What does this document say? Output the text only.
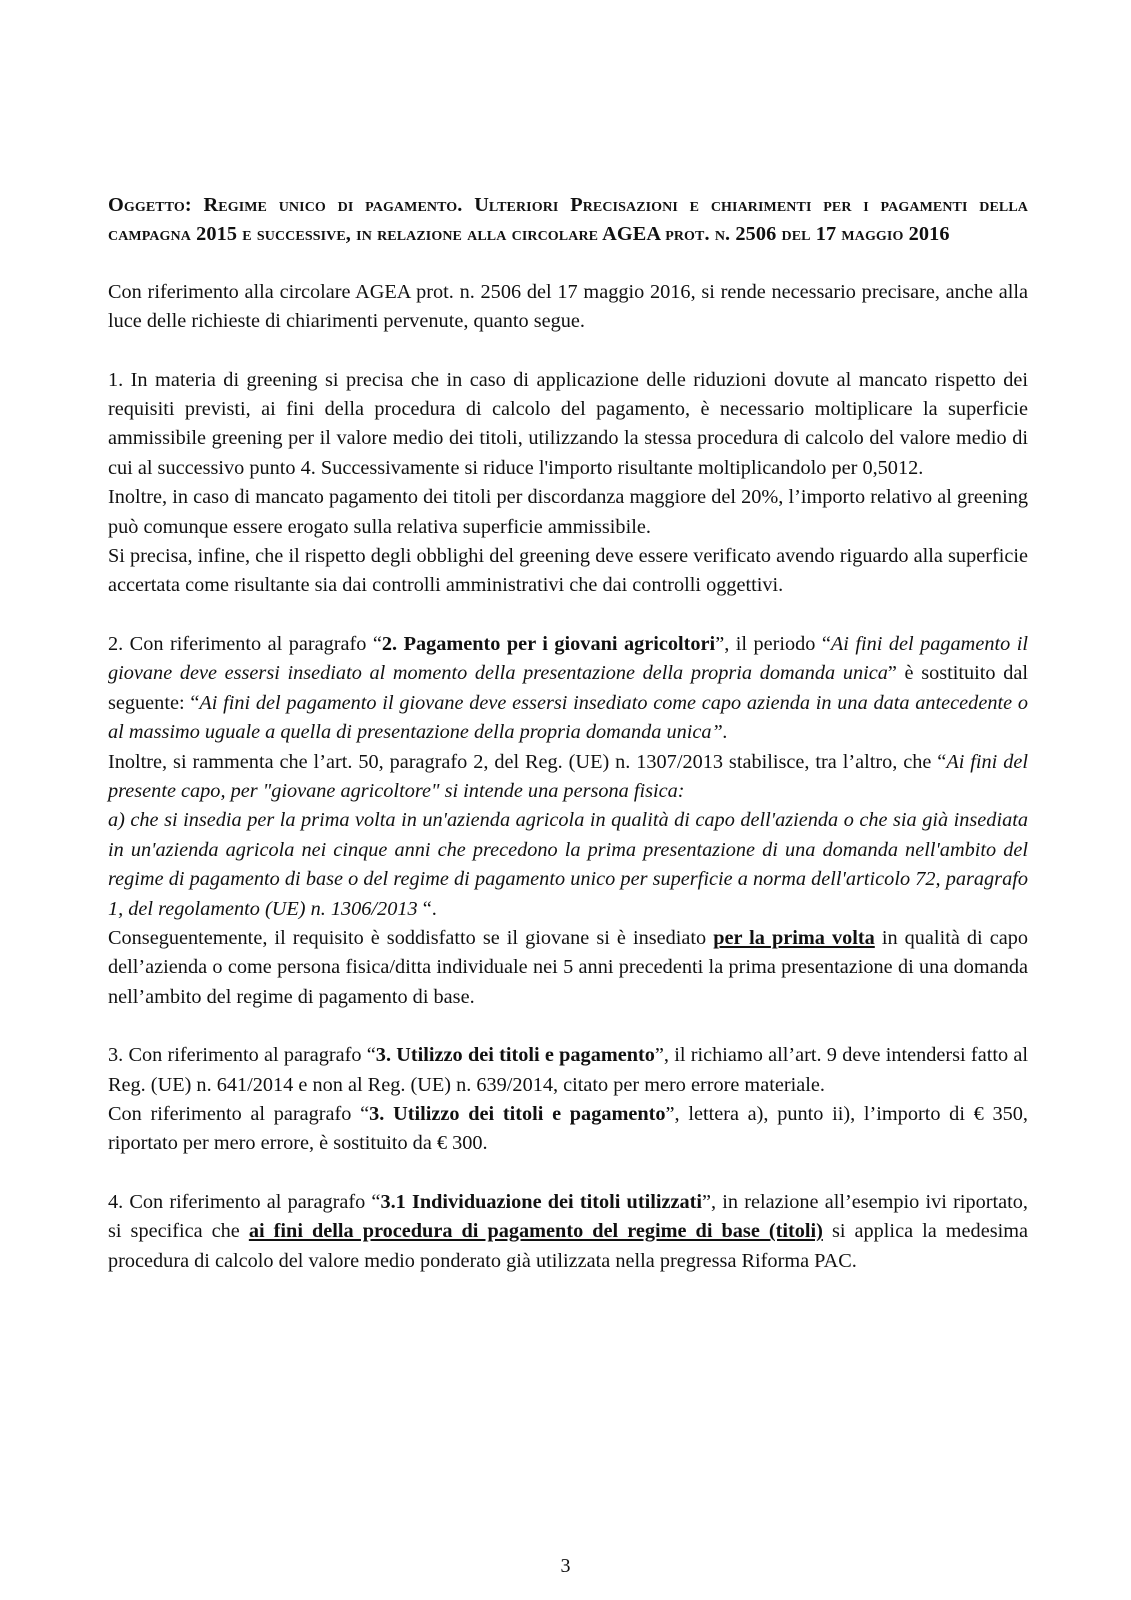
Oggetto: Regime unico di pagamento. Ulteriori Precisazioni e chiarimenti per i pagamenti della campagna 2015 e successive, in relazione alla circolare AGEA prot. n. 2506 del 17 maggio 2016

Con riferimento alla circolare AGEA prot. n. 2506 del 17 maggio 2016, si rende necessario precisare, anche alla luce delle richieste di chiarimenti pervenute, quanto segue.

1. In materia di greening si precisa che in caso di applicazione delle riduzioni dovute al mancato rispetto dei requisiti previsti, ai fini della procedura di calcolo del pagamento, è necessario moltiplicare la superficie ammissibile greening per il valore medio dei titoli, utilizzando la stessa procedura di calcolo del valore medio di cui al successivo punto 4. Successivamente si riduce l'importo risultante moltiplicandolo per 0,5012.

Inoltre, in caso di mancato pagamento dei titoli per discordanza maggiore del 20%, l’importo relativo al greening può comunque essere erogato sulla relativa superficie ammissibile.

Si precisa, infine, che il rispetto degli obblighi del greening deve essere verificato avendo riguardo alla superficie accertata come risultante sia dai controlli amministrativi che dai controlli oggettivi.

2. Con riferimento al paragrafo “2. Pagamento per i giovani agricoltori”, il periodo “Ai fini del pagamento il giovane deve essersi insediato al momento della presentazione della propria domanda unica” è sostituito dal seguente: “Ai fini del pagamento il giovane deve essersi insediato come capo azienda in una data antecedente o al massimo uguale a quella di presentazione della propria domanda unica”.

Inoltre, si rammenta che l’art. 50, paragrafo 2, del Reg. (UE) n. 1307/2013 stabilisce, tra l’altro, che “Ai fini del presente capo, per "giovane agricoltore" si intende una persona fisica:

a) che si insedia per la prima volta in un'azienda agricola in qualità di capo dell'azienda o che sia già insediata in un'azienda agricola nei cinque anni che precedono la prima presentazione di una domanda nell'ambito del regime di pagamento di base o del regime di pagamento unico per superficie a norma dell'articolo 72, paragrafo 1, del regolamento (UE) n. 1306/2013 “.

Conseguentemente, il requisito è soddisfatto se il giovane si è insediato per la prima volta in qualità di capo dell’azienda o come persona fisica/ditta individuale nei 5 anni precedenti la prima presentazione di una domanda nell’ambito del regime di pagamento di base.

3. Con riferimento al paragrafo “3. Utilizzo dei titoli e pagamento”, il richiamo all’art. 9 deve intendersi fatto al Reg. (UE) n. 641/2014 e non al Reg. (UE) n. 639/2014, citato per mero errore materiale.

Con riferimento al paragrafo “3. Utilizzo dei titoli e pagamento”, lettera a), punto ii), l’importo di € 350, riportato per mero errore, è sostituito da € 300.

4. Con riferimento al paragrafo “3.1 Individuazione dei titoli utilizzati”, in relazione all’esempio ivi riportato, si specifica che ai fini della procedura di pagamento del regime di base (titoli) si applica la medesima procedura di calcolo del valore medio ponderato già utilizzata nella pregressa Riforma PAC.

3
